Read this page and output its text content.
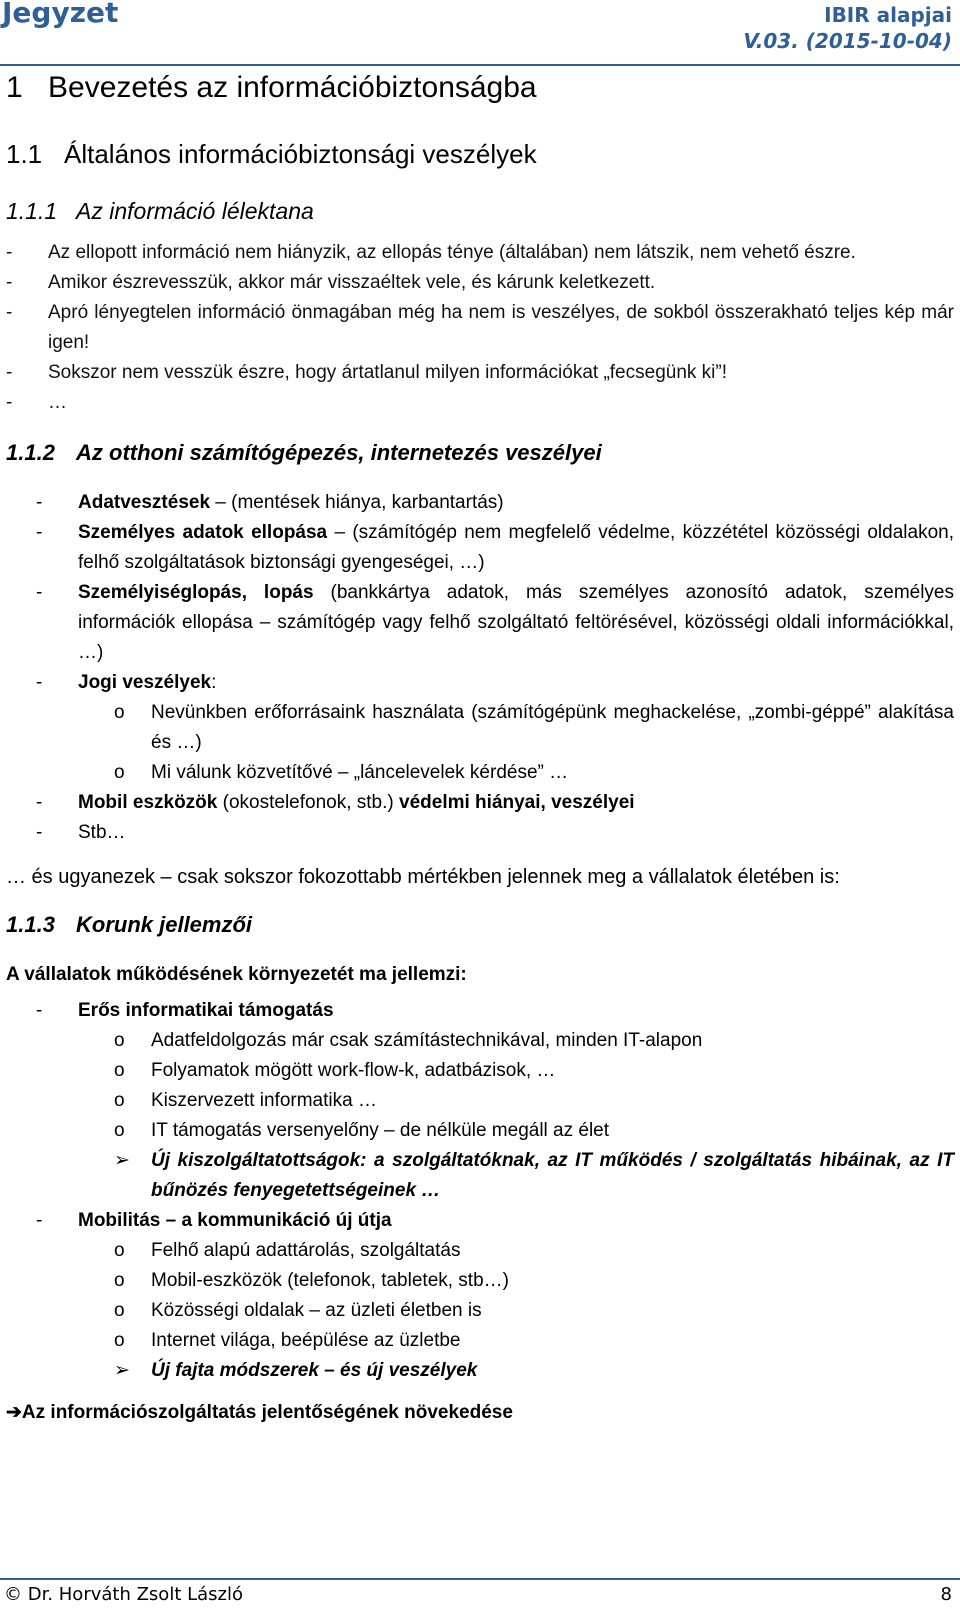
Jegyzet	IBIR alapjai
V.03. (2015-10-04)
1 Bevezetés az információbiztonságba
1.1 Általános információbiztonsági veszélyek
1.1.1 Az információ lélektana
- Az ellopott információ nem hiányzik, az ellopás ténye (általában) nem látszik, nem vehető észre.
- Amikor észrevesszük, akkor már visszaéltek vele, és kárunk keletkezett.
- Apró lényegtelen információ önmagában még ha nem is veszélyes, de sokból összerakható teljes kép már igen!
- Sokszor nem vesszük észre, hogy ártatlanul milyen információkat „fecsegünk ki”!
- …
1.1.2 Az otthoni számítógépezés, internetezés veszélyei
- Adatvesztések – (mentések hiánya, karbantartás)
- Személyes adatok ellopása – (számítógép nem megfelelő védelme, közzététel közösségi oldalakon, felhő szolgáltatások biztonsági gyengeségei, …)
- Személyiséglopás, lopás (bankkártya adatok, más személyes azonosító adatok, személyes információk ellopása – számítógép vagy felhő szolgáltató feltörésével, közösségi oldali információkkal, …)
- Jogi veszélyek:
o Nevünkben erőforrásaink használata (számítógépünk meghackelése, „zombi-géppé” alakítása és …)
o Mi válunk közvetítővé – „láncelevelek kérdése” …
- Mobil eszközök (okostelefonok, stb.) védelmi hiányai, veszélyei
- Stb…

… és ugyanezek – csak sokszor fokozottabb mértékben jelennek meg a vállalatok életében is:

1.1.3 Korunk jellemzői

A vállalatok működésének környezetét ma jellemzi:

- Erős informatikai támogatás
o Adatfeldolgozás már csak számítástechnikával, minden IT-alapon
o Folyamatok mögött work-flow-k, adatbázisok, …
o Kiszervezett informatika …
o IT támogatás versenyelőny – de nélküle megáll az élet
➢ Új kiszolgáltatottságok: a szolgáltatóknak, az IT működés / szolgáltatás hibáinak, az IT bűnözés fenyegetettségeinek …
- Mobilitás – a kommunikáció új útja
o Felhő alapú adattárolás, szolgáltatás
o Mobil-eszközök (telefonok, tabletek, stb…)
o Közösségi oldalak – az üzleti életben is
o Internet világa, beépülése az üzletbe
➢ Új fajta módszerek – és új veszélyek

➔Az információszolgáltatás jelentőségének növekedése

© Dr. Horváth Zsolt László	8
